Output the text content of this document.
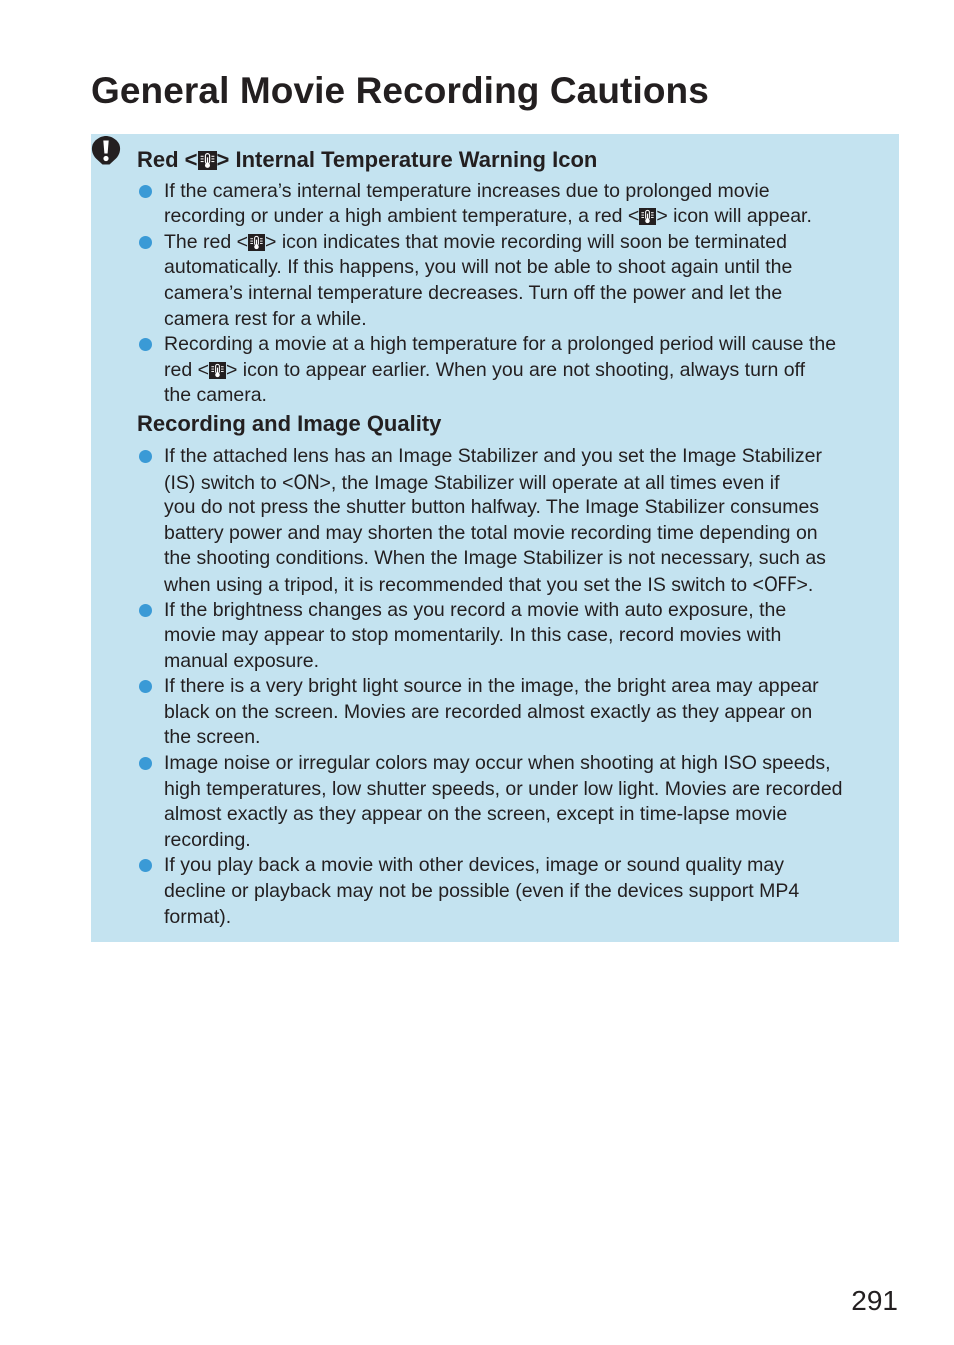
General Movie Recording Cautions
Red < > Internal Temperature Warning Icon
If the camera’s internal temperature increases due to prolonged movie
recording or under a high ambient temperature, a red < > icon will appear.
The red < > icon indicates that movie recording will soon be terminated
automatically. If this happens, you will not be able to shoot again until the
camera’s internal temperature decreases. Turn off the power and let the
camera rest for a while.
Recording a movie at a high temperature for a prolonged period will cause the
red < > icon to appear earlier. When you are not shooting, always turn off
the camera.
Recording and Image Quality
If the attached lens has an Image Stabilizer and you set the Image Stabilizer
(IS) switch to <ON>, the Image Stabilizer will operate at all times even if
you do not press the shutter button halfway. The Image Stabilizer consumes
battery power and may shorten the total movie recording time depending on
the shooting conditions. When the Image Stabilizer is not necessary, such as
when using a tripod, it is recommended that you set the IS switch to <OFF>.
If the brightness changes as you record a movie with auto exposure, the
movie may appear to stop momentarily. In this case, record movies with
manual exposure.
If there is a very bright light source in the image, the bright area may appear
black on the screen. Movies are recorded almost exactly as they appear on
the screen.
Image noise or irregular colors may occur when shooting at high ISO speeds,
high temperatures, low shutter speeds, or under low light. Movies are recorded
almost exactly as they appear on the screen, except in time-lapse movie
recording.
If you play back a movie with other devices, image or sound quality may
decline or playback may not be possible (even if the devices support MP4
format).
291
